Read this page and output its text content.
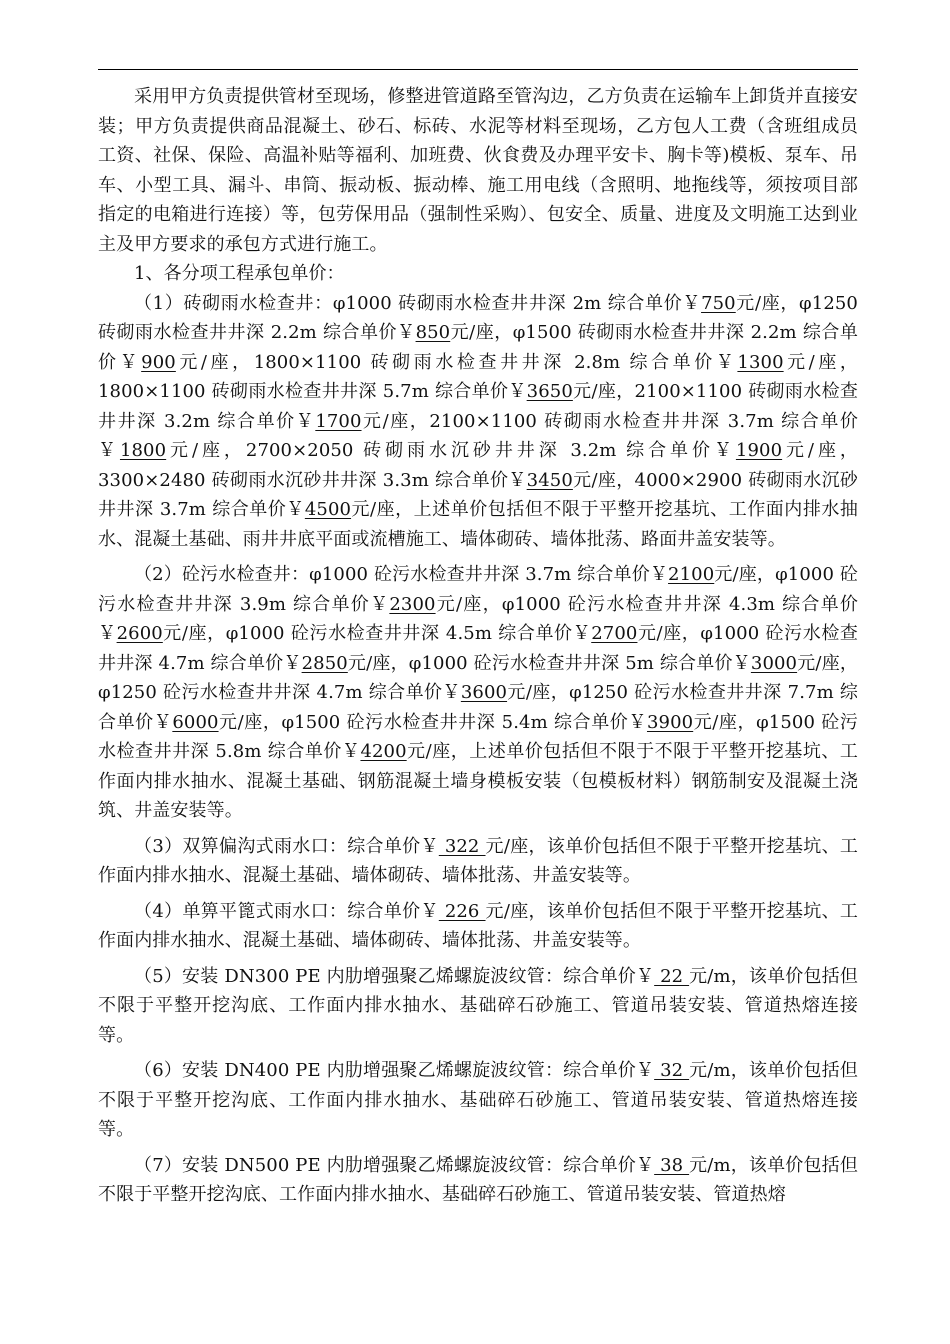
采用甲方负责提供管材至现场，修整进管道路至管沟边，乙方负责在运输车上卸货并直接安装；甲方负责提供商品混凝土、砂石、标砖、水泥等材料至现场，乙方包人工费（含班组成员工资、社保、保险、高温补贴等福利、加班费、伙食费及办理平安卡、胸卡等)模板、泵车、吊车、小型工具、漏斗、串筒、振动板、振动棒、施工用电线（含照明、地拖线等，须按项目部指定的电箱进行连接）等，包劳保用品（强制性采购）、包安全、质量、进度及文明施工达到业主及甲方要求的承包方式进行施工。

1、各分项工程承包单价：

（1）砖砌雨水检查井：φ1000 砖砌雨水检查井井深 2m 综合单价￥750元/座，φ1250 砖砌雨水检查井井深 2.2m 综合单价￥850元/座，φ1500 砖砌雨水检查井井深 2.2m 综合单价￥900元/座，1800×1100 砖砌雨水检查井井深 2.8m 综合单价￥1300元/座，1800×1100 砖砌雨水检查井井深 5.7m 综合单价￥3650元/座，2100×1100 砖砌雨水检查井井深 3.2m 综合单价￥1700元/座，2100×1100 砖砌雨水检查井井深 3.7m 综合单价￥1800元/座，2700×2050 砖砌雨水沉砂井井深 3.2m 综合单价￥1900元/座，3300×2480 砖砌雨水沉砂井井深 3.3m 综合单价￥3450元/座，4000×2900 砖砌雨水沉砂井井深 3.7m 综合单价￥4500元/座，上述单价包括但不限于平整开挖基坑、工作面内排水抽水、混凝土基础、雨井井底平面或流槽施工、墙体砌砖、墙体批荡、路面井盖安装等。

（2）砼污水检查井：φ1000 砼污水检查井井深 3.7m 综合单价￥2100元/座，φ1000 砼污水检查井井深 3.9m 综合单价￥2300元/座，φ1000 砼污水检查井井深 4.3m 综合单价￥2600元/座，φ1000 砼污水检查井井深 4.5m 综合单价￥2700元/座，φ1000 砼污水检查井井深 4.7m 综合单价￥2850元/座，φ1000 砼污水检查井井深 5m 综合单价￥3000元/座，φ1250 砼污水检查井井深 4.7m 综合单价￥3600元/座，φ1250 砼污水检查井井深 7.7m 综合单价￥6000元/座，φ1500 砼污水检查井井深 5.4m 综合单价￥3900元/座，φ1500 砼污水检查井井深 5.8m 综合单价￥4200元/座，上述单价包括但不限于不限于平整开挖基坑、工作面内排水抽水、混凝土基础、钢筋混凝土墙身模板安装（包模板材料）钢筋制安及混凝土浇筑、井盖安装等。

（3）双箅偏沟式雨水口：综合单价￥ 322 元/座，该单价包括但不限于平整开挖基坑、工作面内排水抽水、混凝土基础、墙体砌砖、墙体批荡、井盖安装等。

（4）单箅平篦式雨水口：综合单价￥ 226 元/座，该单价包括但不限于平整开挖基坑、工作面内排水抽水、混凝土基础、墙体砌砖、墙体批荡、井盖安装等。

（5）安装 DN300 PE 内肋增强聚乙烯螺旋波纹管：综合单价￥ 22 元/m，该单价包括但不限于平整开挖沟底、工作面内排水抽水、基础碎石砂施工、管道吊装安装、管道热熔连接等。

（6）安装 DN400 PE 内肋增强聚乙烯螺旋波纹管：综合单价￥ 32 元/m，该单价包括但不限于平整开挖沟底、工作面内排水抽水、基础碎石砂施工、管道吊装安装、管道热熔连接等。

（7）安装 DN500 PE 内肋增强聚乙烯螺旋波纹管：综合单价￥ 38 元/m，该单价包括但不限于平整开挖沟底、工作面内排水抽水、基础碎石砂施工、管道吊装安装、管道热熔
